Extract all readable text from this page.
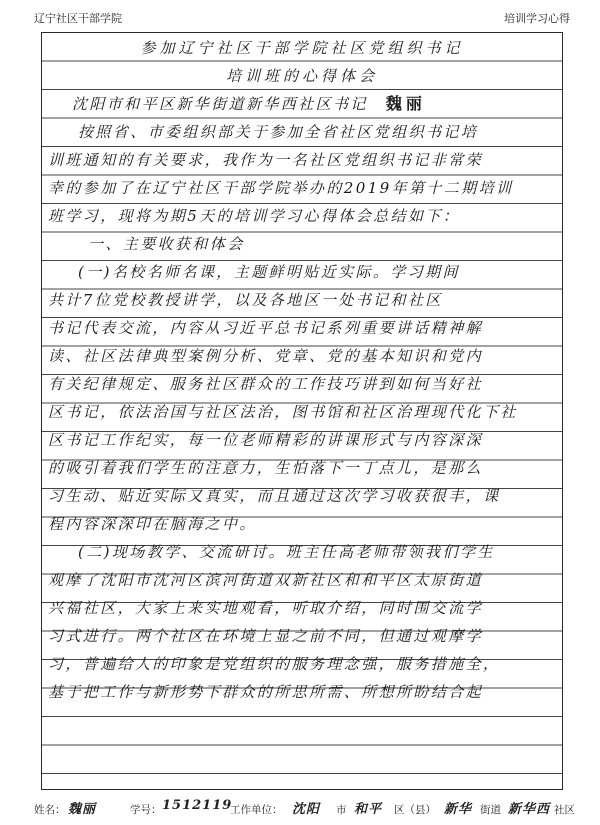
辽宁社区干部学院	培训学习心得
参加辽宁社区干部学院社区党组织书记
培训班的心得体会
沈阳市和平区新华街道新华西社区书记 魏丽
按照省、市委组织部关于参加全省社区党组织书记培
训班通知的有关要求，我作为一名社区党组织书记非常荣
幸的参加了在辽宁社区干部学院举办的2019年第十二期培训
班学习，现将为期5天的培训学习心得体会总结如下：
一、主要收获和体会
(一)名校名师名课，主题鲜明贴近实际。学习期间
共计7位党校教授讲学，以及各地区一处书记和社区
书记代表交流，内容从习近平总书记系列重要讲话精神解
读、社区法律典型案例分析、党章、党的基本知识和党内
有关纪律规定、服务社区群众的工作技巧讲到如何当好社
区书记，依法治国与社区法治，图书馆和社区治理现代化下社
区书记工作纪实，每一位老师精彩的讲课形式与内容深深
的吸引着我们学生的注意力，生怕落下一丁点儿，是那么
习生动、贴近实际又真实，而且通过这次学习收获很丰，课
程内容深深印在脑海之中。
(二)现场教学、交流研讨。班主任高老师带领我们学生
观摩了沈阳市沈河区滨河街道双新社区和和平区太原街道
兴福社区，大家上来实地观看，听取介绍，同时围交流学
习式进行。两个社区在环境上显之前不同，但通过观摩学
习，普遍给人的印象是党组织的服务理念强，服务措施全，
基于把工作与新形势下群众的所思所需、所想所盼结合起
姓名： 魏丽	学号： 1512119
工作单位： 沈阳 市 和平 区（县） 新华 街道 新华西 社区
